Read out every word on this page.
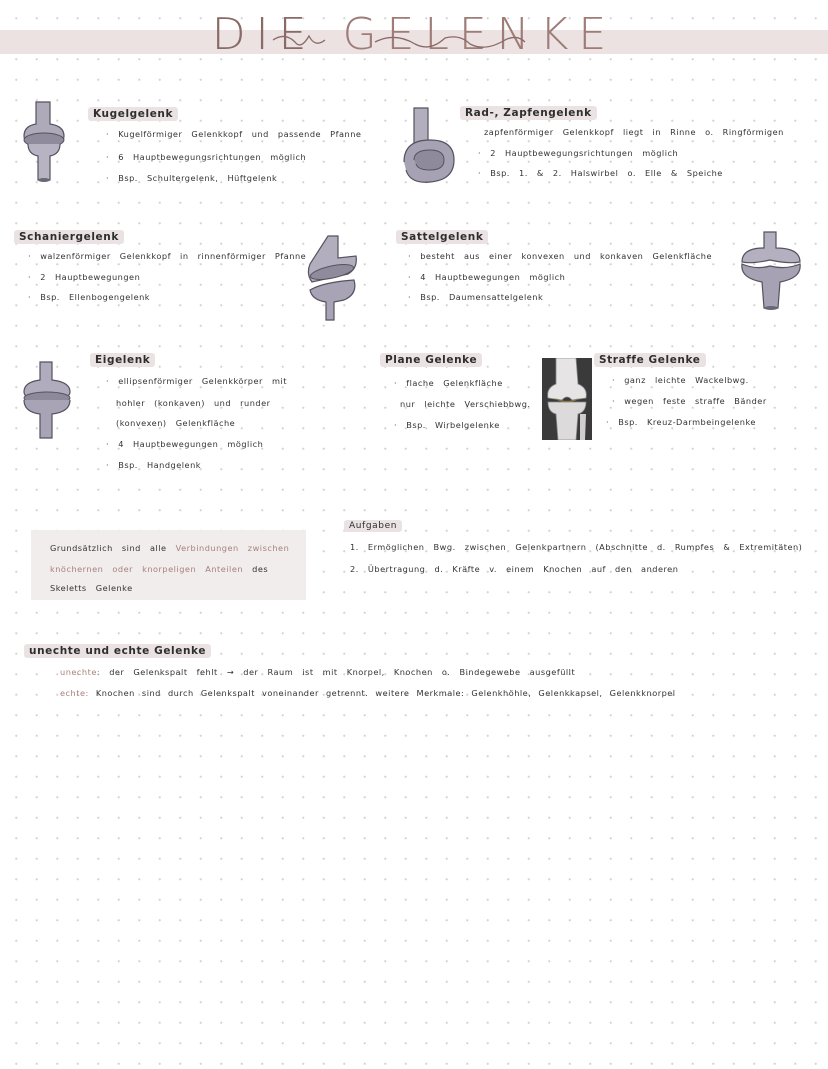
DIE GELENKE
Kugelgelenk
· Kugelförmiger Gelenkkopf und passende Pfanne
· 6 Hauptbewegungsrichtungen möglich
· Bsp. Schultergelenk, Hüftgelenk
Rad-, Zapfengelenk
zapfenförmiger Gelenkkopf liegt in Rinne o. Ringförmigen
· 2 Hauptbewegungsrichtungen möglich
· Bsp. 1. & 2. Halswirbel o. Elle & Speiche
Schaniergelenk
· walzenförmiger Gelenkkopf in rinnenförmiger Pfanne
· 2 Hauptbewegungen
· Bsp. Ellenbogengelenk
Sattelgelenk
· besteht aus einer konvexen und konkaven Gelenkfläche
· 4 Hauptbewegungen möglich
· Bsp. Daumensattelgelenk
Eigelenk
· ellipsenförmiger Gelenkkörper mit
hohler (konkaven) und runder
(konvexen) Gelenkfläche
· 4 Hauptbewegungen möglich
· Bsp. Handgelenk
Plane Gelenke
· flache Gelenkfläche
nur leichte Verschiebbwg.
· Bsp. Wirbelgelenke
Straffe Gelenke
· ganz leichte Wackelbwg.
· wegen feste straffe Bänder
· Bsp. Kreuz-Darmbeingelenke
Grundsätzlich sind alle Verbindungen zwischen
knöchernen oder knorpeligen Anteilen des
Skeletts Gelenke
Aufgaben
1. Ermöglichen Bwg. zwischen Gelenkpartnern (Abschnitte d. Rumpfes & Extremitäten)
2. Übertragung d. Kräfte v. einem Knochen auf den anderen
unechte und echte Gelenke
unechte: der Gelenkspalt fehlt → der Raum ist mit Knorpel, Knochen o. Bindegewebe ausgefüllt
echte: Knochen sind durch Gelenkspalt voneinander getrennt. weitere Merkmale: Gelenkhöhle, Gelenkkapsel, Gelenkknorpel
